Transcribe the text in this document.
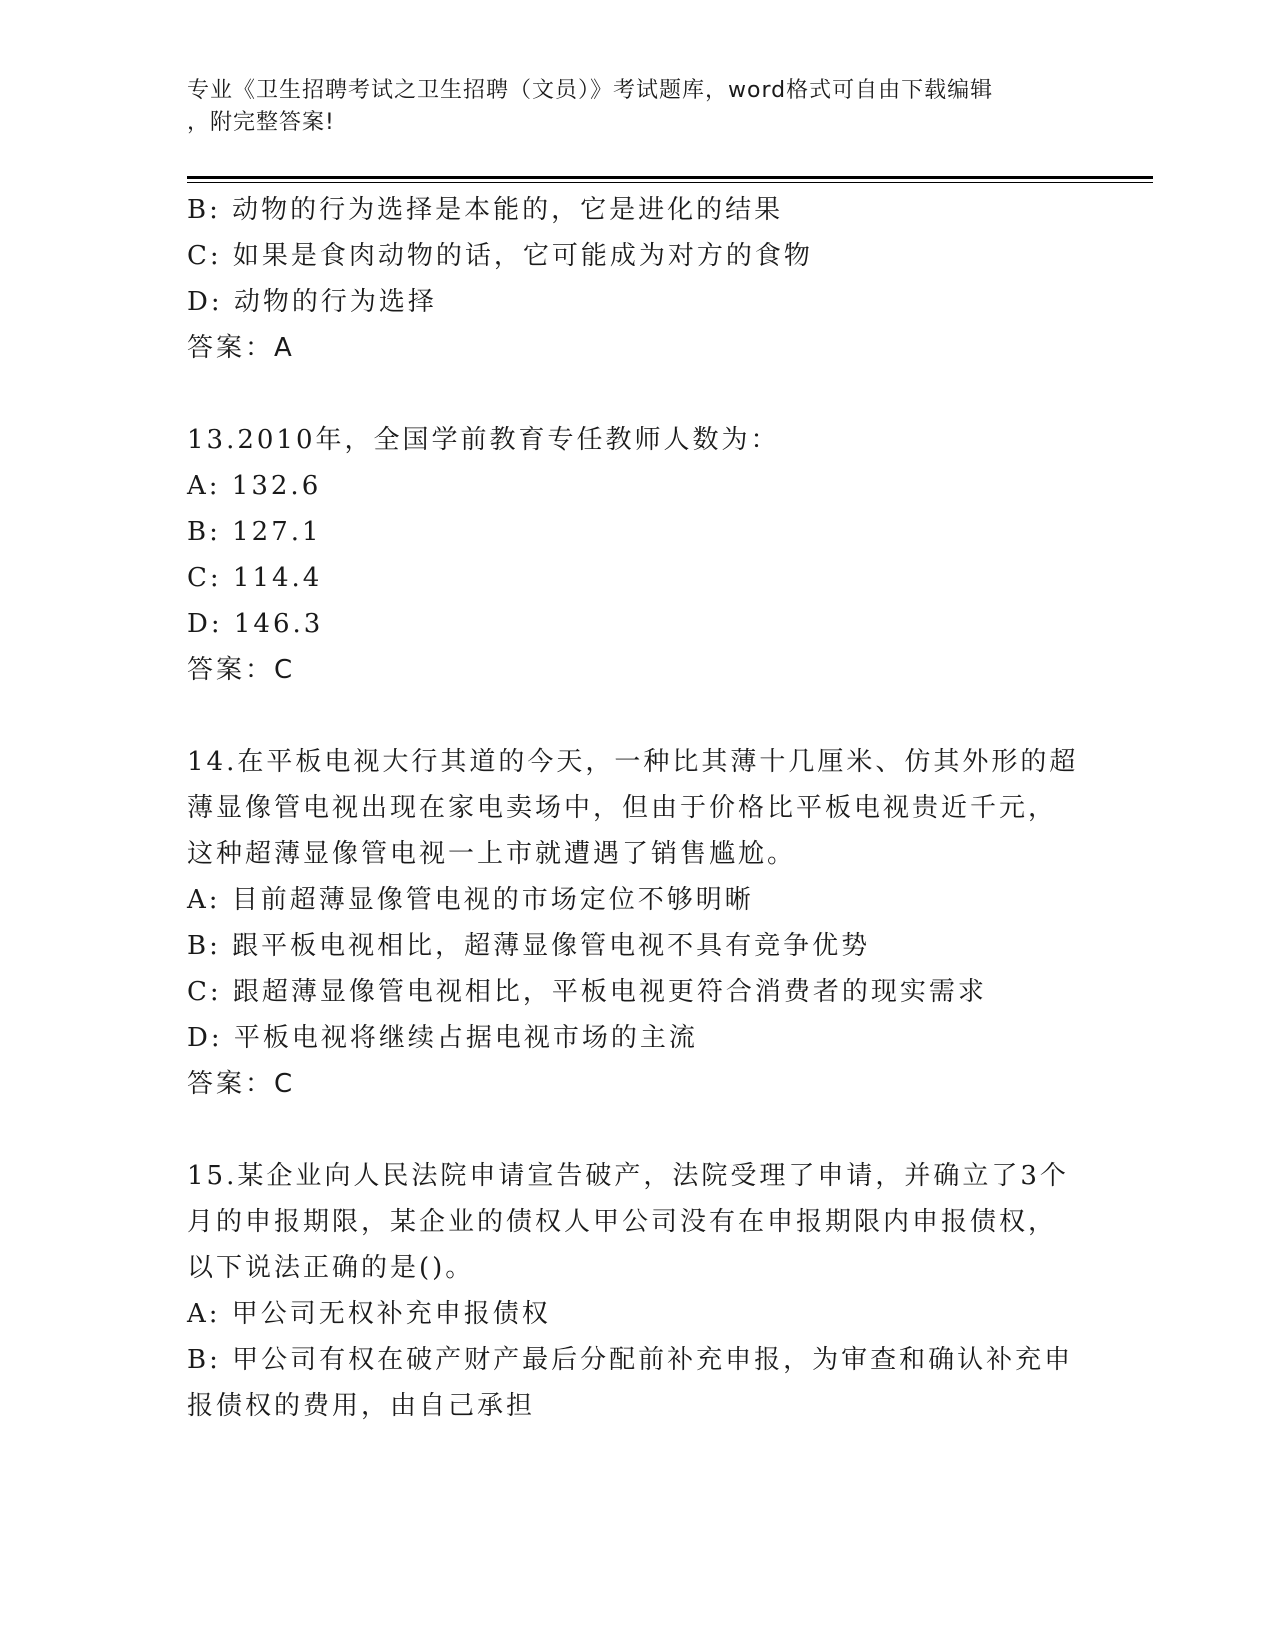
专业《卫生招聘考试之卫生招聘（文员）》考试题库，word格式可自由下载编辑
，附完整答案!
B: 动物的行为选择是本能的，它是进化的结果
C: 如果是食肉动物的话，它可能成为对方的食物
D: 动物的行为选择
答案：A
13.2010年，全国学前教育专任教师人数为：
A: 132.6
B: 127.1
C: 114.4
D: 146.3
答案：C
14.在平板电视大行其道的今天，一种比其薄十几厘米、仿其外形的超
薄显像管电视出现在家电卖场中，但由于价格比平板电视贵近千元，
这种超薄显像管电视一上市就遭遇了销售尴尬。
A: 目前超薄显像管电视的市场定位不够明晰
B: 跟平板电视相比，超薄显像管电视不具有竞争优势
C: 跟超薄显像管电视相比，平板电视更符合消费者的现实需求
D: 平板电视将继续占据电视市场的主流
答案：C
15.某企业向人民法院申请宣告破产，法院受理了申请，并确立了3个
月的申报期限，某企业的债权人甲公司没有在申报期限内申报债权，
以下说法正确的是()。
A: 甲公司无权补充申报债权
B: 甲公司有权在破产财产最后分配前补充申报，为审查和确认补充申
报债权的费用，由自己承担
